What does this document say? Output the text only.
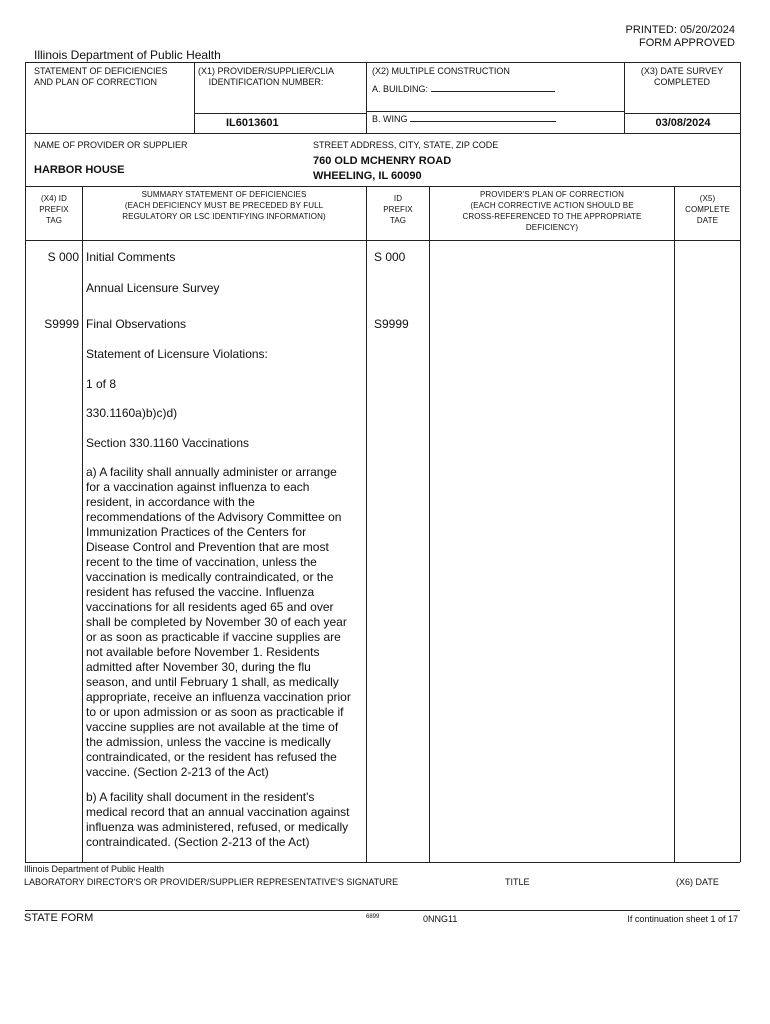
PRINTED: 05/20/2024
FORM APPROVED
Illinois Department of Public Health
STATEMENT OF DEFICIENCIES
AND PLAN OF CORRECTION
(X1) PROVIDER/SUPPLIER/CLIA
IDENTIFICATION NUMBER:
IL6013601
(X2) MULTIPLE CONSTRUCTION
A. BUILDING:
B. WING
(X3) DATE SURVEY
COMPLETED
03/08/2024
NAME OF PROVIDER OR SUPPLIER
HARBOR HOUSE
STREET ADDRESS, CITY, STATE, ZIP CODE
760 OLD MCHENRY ROAD
WHEELING, IL 60090
(X4) ID
PREFIX
TAG
SUMMARY STATEMENT OF DEFICIENCIES
(EACH DEFICIENCY MUST BE PRECEDED BY FULL
REGULATORY OR LSC IDENTIFYING INFORMATION)
ID
PREFIX
TAG
PROVIDER'S PLAN OF CORRECTION
(EACH CORRECTIVE ACTION SHOULD BE
CROSS-REFERENCED TO THE APPROPRIATE
DEFICIENCY)
(X5)
COMPLETE
DATE
S 000 Initial Comments	S 000
Annual Licensure Survey
S9999 Final Observations	S9999
Statement of Licensure Violations:
1 of 8
330.1160a)b)c)d)
Section 330.1160 Vaccinations
a) A facility shall annually administer or arrange
for a vaccination against influenza to each
resident, in accordance with the
recommendations of the Advisory Committee on
Immunization Practices of the Centers for
Disease Control and Prevention that are most
recent to the time of vaccination, unless the
vaccination is medically contraindicated, or the
resident has refused the vaccine. Influenza
vaccinations for all residents aged 65 and over
shall be completed by November 30 of each year
or as soon as practicable if vaccine supplies are
not available before November 1. Residents
admitted after November 30, during the flu
season, and until February 1 shall, as medically
appropriate, receive an influenza vaccination prior
to or upon admission or as soon as practicable if
vaccine supplies are not available at the time of
the admission, unless the vaccine is medically
contraindicated, or the resident has refused the
vaccine. (Section 2-213 of the Act)
b) A facility shall document in the resident's
medical record that an annual vaccination against
influenza was administered, refused, or medically
contraindicated. (Section 2-213 of the Act)
Illinois Department of Public Health
LABORATORY DIRECTOR'S OR PROVIDER/SUPPLIER REPRESENTATIVE'S SIGNATURE	TITLE	(X6) DATE
STATE FORM	6899	0NNG11	If continuation sheet 1 of 17
